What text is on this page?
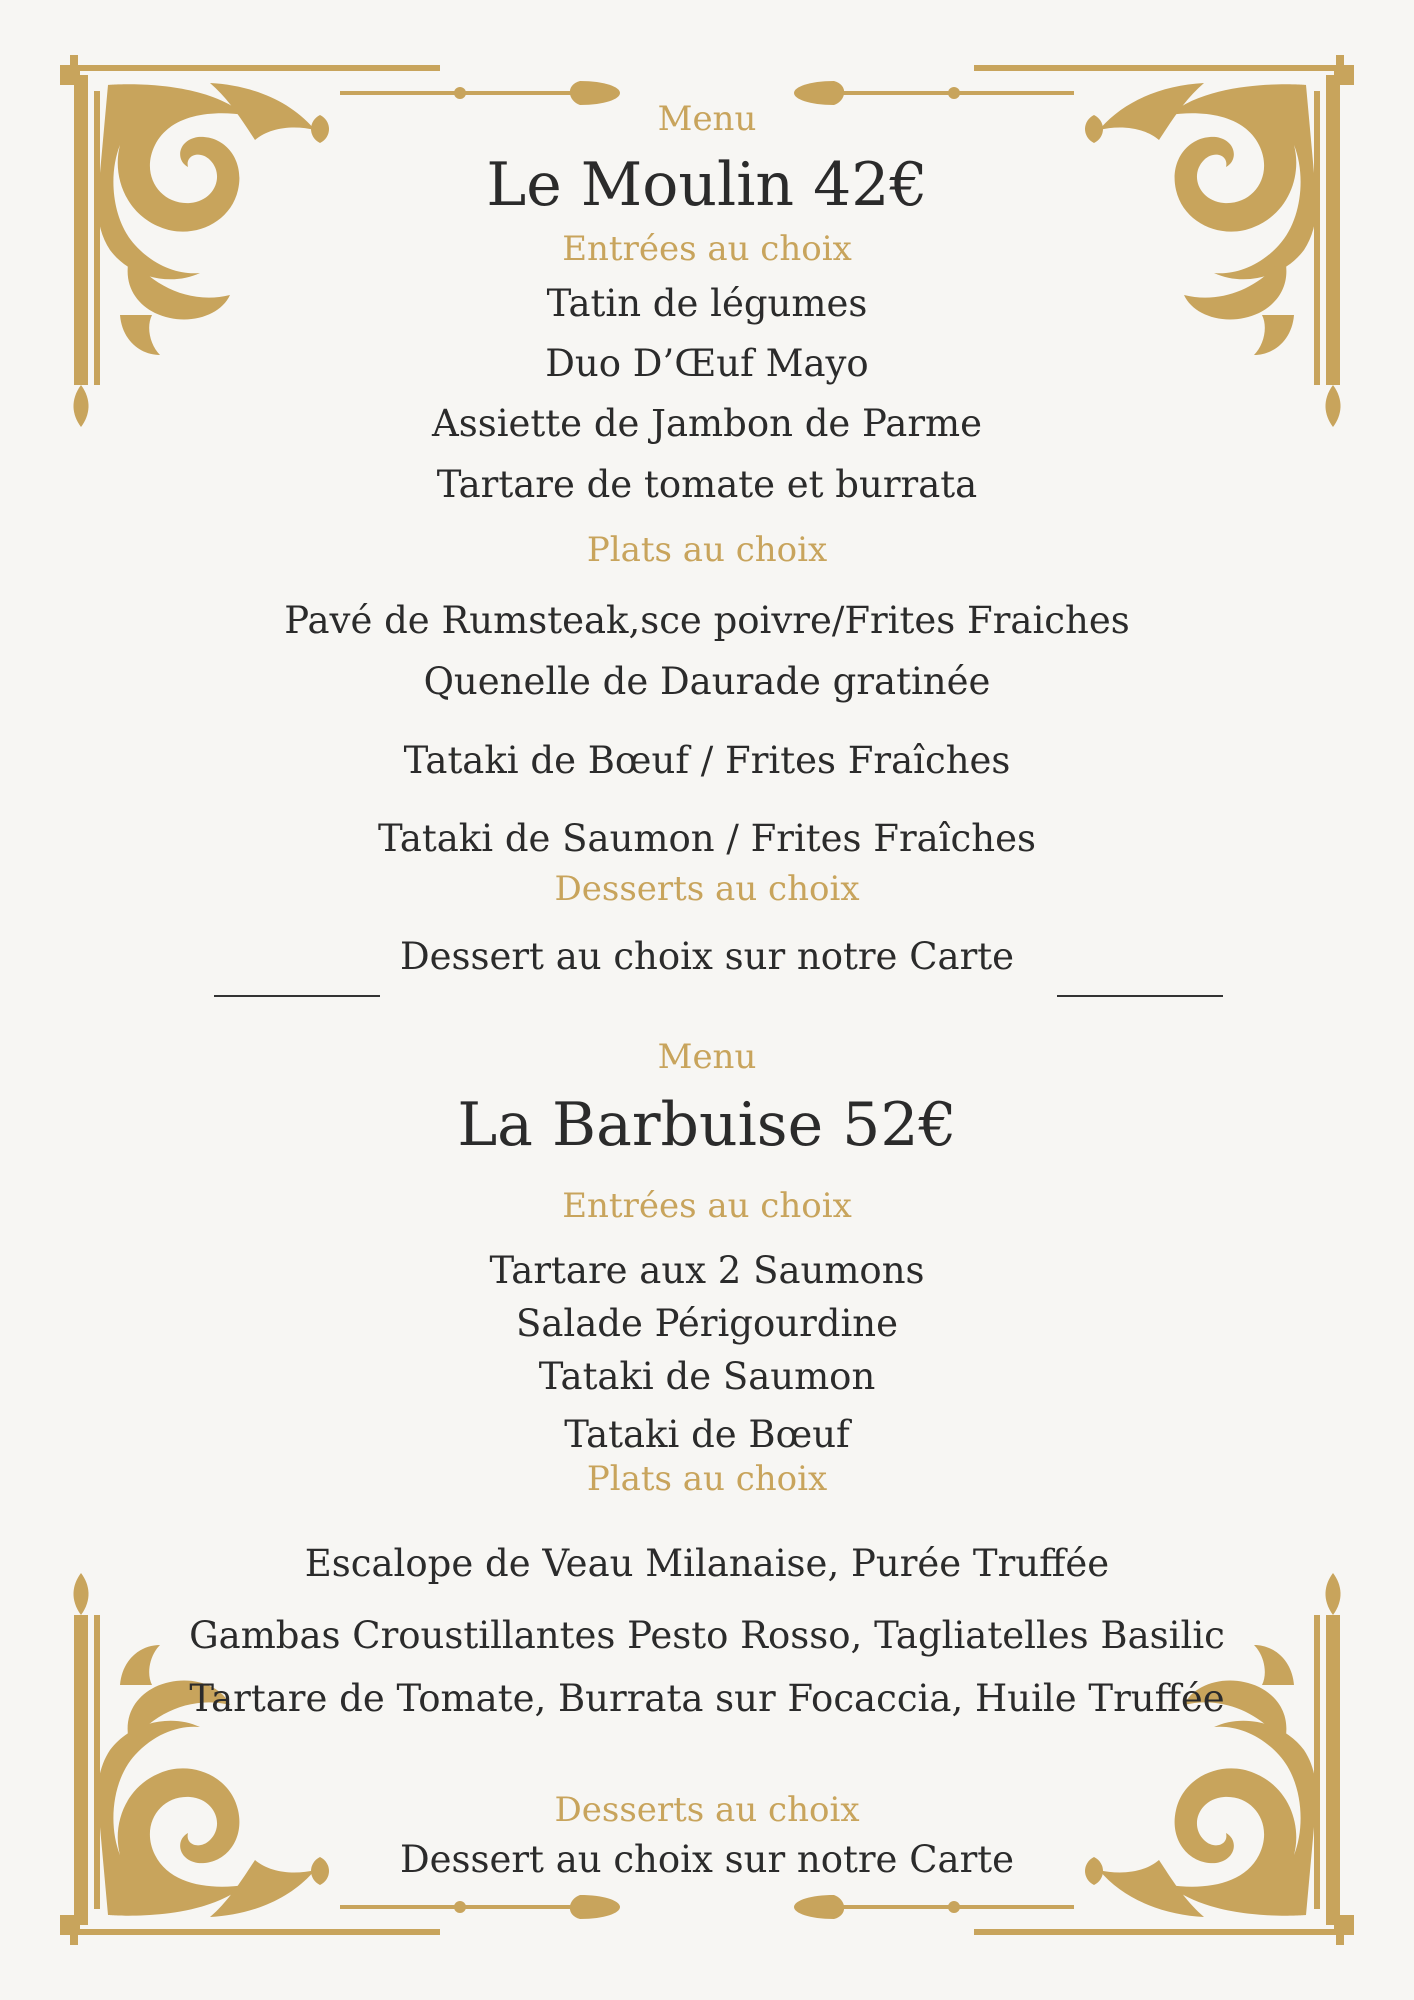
Menu
Le Moulin 42€
Entrées au choix
Tatin de légumes
Duo D’Œuf Mayo
Assiette de Jambon de Parme
Tartare de tomate et burrata
Plats au choix
Pavé de Rumsteak,sce poivre/Frites Fraiches
Quenelle de Daurade gratinée
Tataki de Bœuf / Frites Fraîches
Tataki de Saumon / Frites Fraîches
Desserts au choix
Dessert au choix sur notre Carte
Menu
La Barbuise 52€
Entrées au choix
Tartare aux 2 Saumons
Salade Périgourdine
Tataki de Saumon
Tataki de Bœuf
Plats au choix
Escalope de Veau Milanaise, Purée Truffée
Gambas Croustillantes Pesto Rosso, Tagliatelles Basilic
Tartare de Tomate, Burrata sur Focaccia, Huile Truffée
Desserts au choix
Dessert au choix sur notre Carte
